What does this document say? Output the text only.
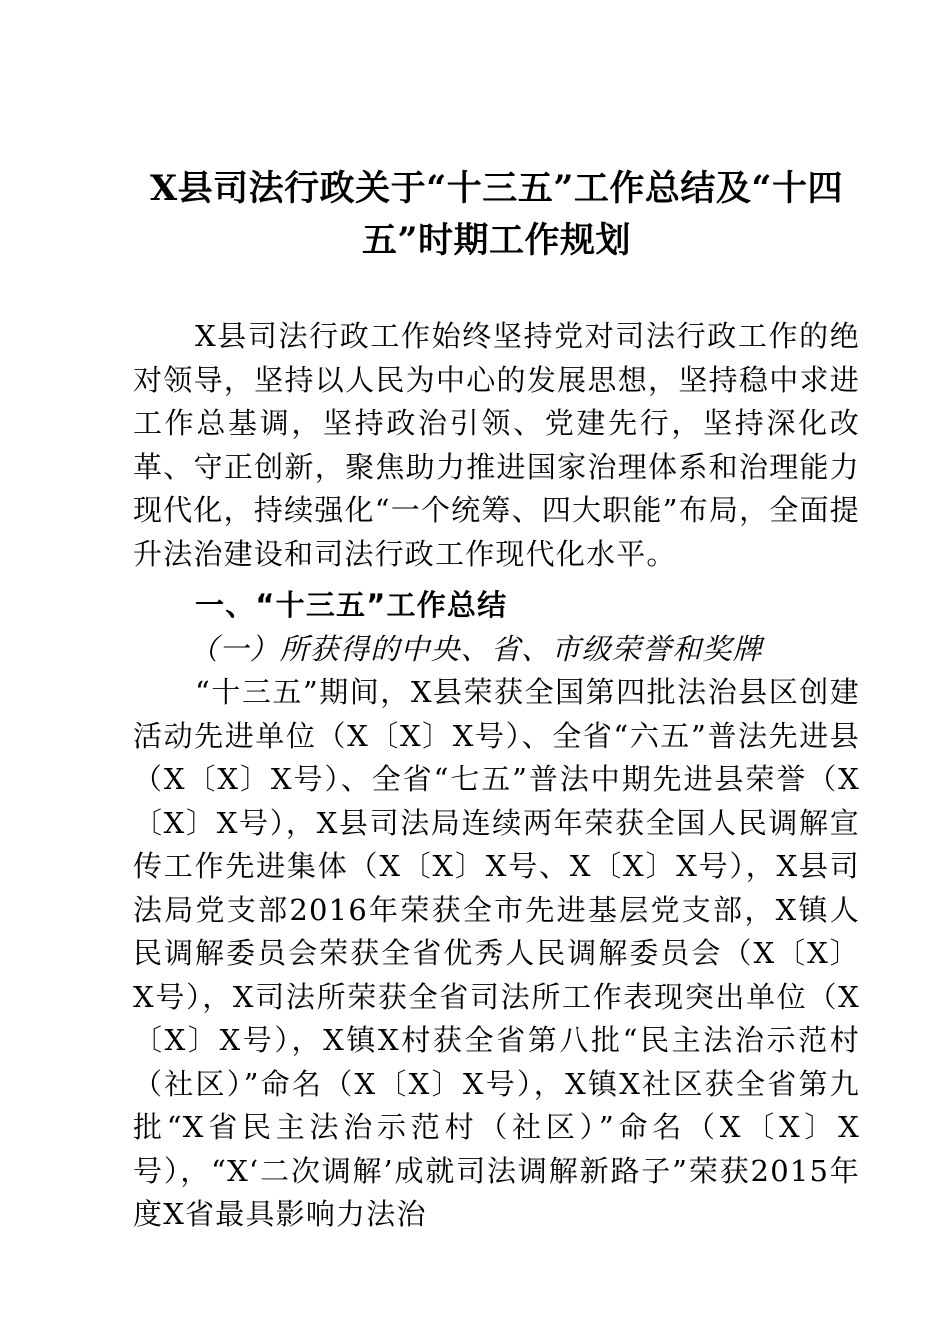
X县司法行政关于“十三五”工作总结及“十四五”时期工作规划

X县司法行政工作始终坚持党对司法行政工作的绝对领导，坚持以人民为中心的发展思想，坚持稳中求进工作总基调，坚持政治引领、党建先行，坚持深化改革、守正创新，聚焦助力推进国家治理体系和治理能力现代化，持续强化“一个统筹、四大职能”布局，全面提升法治建设和司法行政工作现代化水平。

一、“十三五”工作总结

（一）所获得的中央、省、市级荣誉和奖牌

“十三五”期间，X县荣获全国第四批法治县区创建活动先进单位（X〔X〕X号）、全省“六五”普法先进县（X〔X〕X号）、全省“七五”普法中期先进县荣誉（X〔X〕X号），X县司法局连续两年荣获全国人民调解宣传工作先进集体（X〔X〕X号、X〔X〕X号），X县司法局党支部2016年荣获全市先进基层党支部，X镇人民调解委员会荣获全省优秀人民调解委员会（X〔X〕X号），X司法所荣获全省司法所工作表现突出单位（X〔X〕X号），X镇X村获全省第八批“民主法治示范村（社区）”命名（X〔X〕X号），X镇X社区获全省第九批“X省民主法治示范村（社区）”命名（X〔X〕X号），“X‘二次调解’成就司法调解新路子”荣获2015年度X省最具影响力法治
